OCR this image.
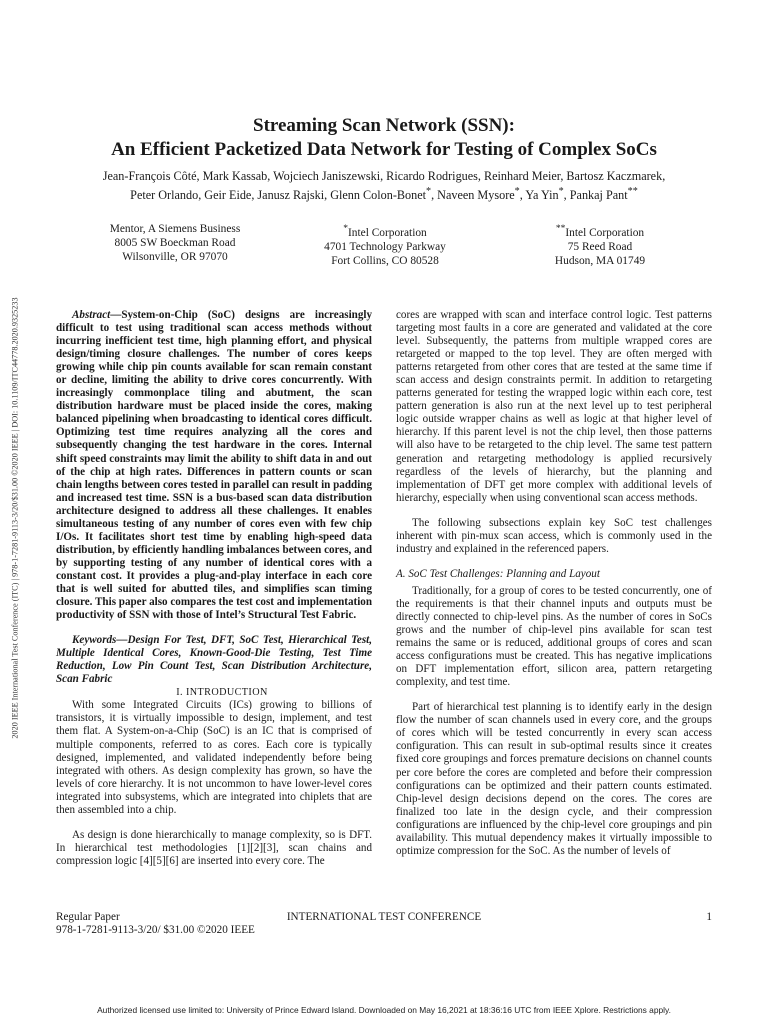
2020 IEEE International Test Conference (ITC) | 978-1-7281-9113-3/20/$31.00 ©2020 IEEE | DOI: 10.1109/ITC44778.2020.9325233
Streaming Scan Network (SSN):
An Efficient Packetized Data Network for Testing of Complex SoCs
Jean-François Côté, Mark Kassab, Wojciech Janiszewski, Ricardo Rodrigues, Reinhard Meier, Bartosz Kaczmarek,
Peter Orlando, Geir Eide, Janusz Rajski, Glenn Colon-Bonet*, Naveen Mysore*, Ya Yin*, Pankaj Pant**
Mentor, A Siemens Business
8005 SW Boeckman Road
Wilsonville, OR 97070
*Intel Corporation
4701 Technology Parkway
Fort Collins, CO 80528
**Intel Corporation
75 Reed Road
Hudson, MA 01749

Abstract—System-on-Chip (SoC) designs are increasingly difficult to test using traditional scan access methods without incurring inefficient test time, high planning effort, and physical design/timing closure challenges. The number of cores keeps growing while chip pin counts available for scan remain constant or decline, limiting the ability to drive cores concurrently. With increasingly commonplace tiling and abutment, the scan distribution hardware must be placed inside the cores, making balanced pipelining when broadcasting to identical cores difficult. Optimizing test time requires analyzing all the cores and subsequently changing the test hardware in the cores. Internal shift speed constraints may limit the ability to shift data in and out of the chip at high rates. Differences in pattern counts or scan chain lengths between cores tested in parallel can result in padding and increased test time. SSN is a bus-based scan data distribution architecture designed to address all these challenges. It enables simultaneous testing of any number of cores even with few chip I/Os. It facilitates short test time by enabling high-speed data distribution, by efficiently handling imbalances between cores, and by supporting testing of any number of identical cores with a constant cost. It provides a plug-and-play interface in each core that is well suited for abutted tiles, and simplifies scan timing closure. This paper also compares the test cost and implementation productivity of SSN with those of Intel’s Structural Test Fabric.

Keywords—Design For Test, DFT, SoC Test, Hierarchical Test, Multiple Identical Cores, Known-Good-Die Testing, Test Time Reduction, Low Pin Count Test, Scan Distribution Architecture, Scan Fabric

I. INTRODUCTION

With some Integrated Circuits (ICs) growing to billions of transistors, it is virtually impossible to design, implement, and test them flat. A System-on-a-Chip (SoC) is an IC that is comprised of multiple components, referred to as cores. Each core is typically designed, implemented, and validated independently before being integrated with others. As design complexity has grown, so have the levels of core hierarchy. It is not uncommon to have lower-level cores integrated into subsystems, which are integrated into chiplets that are then assembled into a chip.

As design is done hierarchically to manage complexity, so is DFT. In hierarchical test methodologies [1][2][3], scan chains and compression logic [4][5][6] are inserted into every core. The

cores are wrapped with scan and interface control logic. Test patterns targeting most faults in a core are generated and validated at the core level. Subsequently, the patterns from multiple wrapped cores are retargeted or mapped to the top level. They are often merged with patterns retargeted from other cores that are tested at the same time if scan access and design constraints permit. In addition to retargeting patterns generated for testing the wrapped logic within each core, test pattern generation is also run at the next level up to test peripheral logic outside wrapper chains as well as logic at that higher level of hierarchy. If this parent level is not the chip level, then those patterns will also have to be retargeted to the chip level. The same test pattern generation and retargeting methodology is applied recursively regardless of the levels of hierarchy, but the planning and implementation of DFT get more complex with additional levels of hierarchy, especially when using conventional scan access methods.

The following subsections explain key SoC test challenges inherent with pin-mux scan access, which is commonly used in the industry and explained in the referenced papers.

A. SoC Test Challenges: Planning and Layout

Traditionally, for a group of cores to be tested concurrently, one of the requirements is that their channel inputs and outputs must be directly connected to chip-level pins. As the number of cores in SoCs grows and the number of chip-level pins available for scan test remains the same or is reduced, additional groups of cores and scan access configurations must be created. This has negative implications on DFT implementation effort, silicon area, pattern retargeting complexity, and test time.

Part of hierarchical test planning is to identify early in the design flow the number of scan channels used in every core, and the groups of cores which will be tested concurrently in every scan access configuration. This can result in sub-optimal results since it creates fixed core groupings and forces premature decisions on channel counts per core before the cores are completed and before their compression configurations can be optimized and their pattern counts estimated. Chip-level design decisions depend on the cores. The cores are finalized too late in the design cycle, and their compression configurations are influenced by the chip-level core groupings and pin availability. This mutual dependency makes it virtually impossible to optimize compression for the SoC. As the number of levels of

INTERNATIONAL TEST CONFERENCE
Regular Paper	1
978-1-7281-9113-3/20/ $31.00 ©2020 IEEE
Authorized licensed use limited to: University of Prince Edward Island. Downloaded on May 16,2021 at 18:36:16 UTC from IEEE Xplore. Restrictions apply.
